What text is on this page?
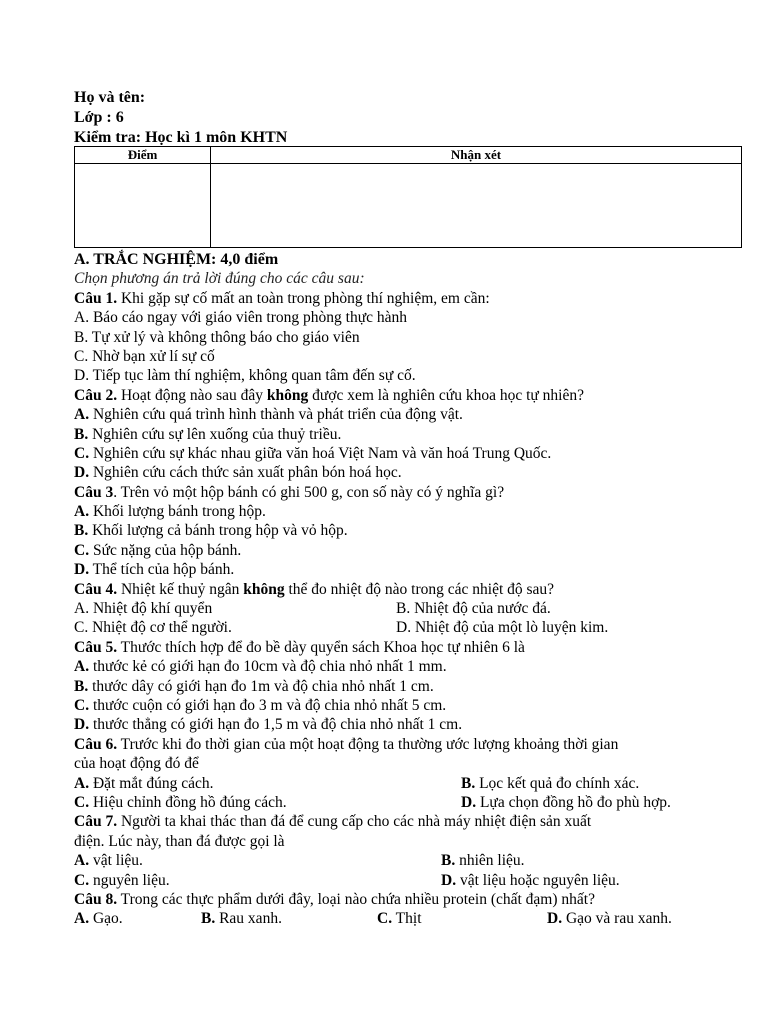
Họ và tên:
Lớp : 6
Kiểm tra: Học kì 1 môn KHTN
Điểm	Nhận xét

A. TRẮC NGHIỆM: 4,0 điểm
Chọn phương án trả lời đúng cho các câu sau:
Câu 1. Khi gặp sự cố mất an toàn trong phòng thí nghiệm, em cần:
A. Báo cáo ngay với giáo viên trong phòng thực hành
B. Tự xử lý và không thông báo cho giáo viên
C. Nhờ bạn xử lí sự cố
D. Tiếp tục làm thí nghiệm, không quan tâm đến sự cố.
Câu 2. Hoạt động nào sau đây không được xem là nghiên cứu khoa học tự nhiên?
A. Nghiên cứu quá trình hình thành và phát triển của động vật.
B. Nghiên cứu sự lên xuống của thuỷ triều.
C. Nghiên cứu sự khác nhau giữa văn hoá Việt Nam và văn hoá Trung Quốc.
D. Nghiên cứu cách thức sản xuất phân bón hoá học.
Câu 3. Trên vỏ một hộp bánh có ghi 500 g, con số này có ý nghĩa gì?
A. Khối lượng bánh trong hộp.
B. Khối lượng cả bánh trong hộp và vỏ hộp.
C. Sức nặng của hộp bánh.
D. Thể tích của hộp bánh.
Câu 4. Nhiệt kế thuỷ ngân không thể đo nhiệt độ nào trong các nhiệt độ sau?
A. Nhiệt độ khí quyển	B. Nhiệt độ của nước đá.
C. Nhiệt độ cơ thể người.	D. Nhiệt độ của một lò luyện kim.
Câu 5. Thước thích hợp để đo bề dày quyển sách Khoa học tự nhiên 6 là
A. thước kẻ có giới hạn đo 10cm và độ chia nhỏ nhất 1 mm.
B. thước dây có giới hạn đo 1m và độ chia nhỏ nhất 1 cm.
C. thước cuộn có giới hạn đo 3 m và độ chia nhỏ nhất 5 cm.
D. thước thẳng có giới hạn đo 1,5 m và độ chia nhỏ nhất 1 cm.
Câu 6. Trước khi đo thời gian của một hoạt động ta thường ước lượng khoảng thời gian
của hoạt động đó để
A. Đặt mắt đúng cách.	B. Lọc kết quả đo chính xác.
C. Hiệu chỉnh đồng hồ đúng cách.	D. Lựa chọn đồng hồ đo phù hợp.
Câu 7. Người ta khai thác than đá để cung cấp cho các nhà máy nhiệt điện sản xuất
điện. Lúc này, than đá được gọi là
A. vật liệu.	B. nhiên liệu.
C. nguyên liệu.	D. vật liệu hoặc nguyên liệu.
Câu 8. Trong các thực phẩm dưới đây, loại nào chứa nhiều protein (chất đạm) nhất?
A. Gạo.	B. Rau xanh.	C. Thịt	D. Gạo và rau xanh.
